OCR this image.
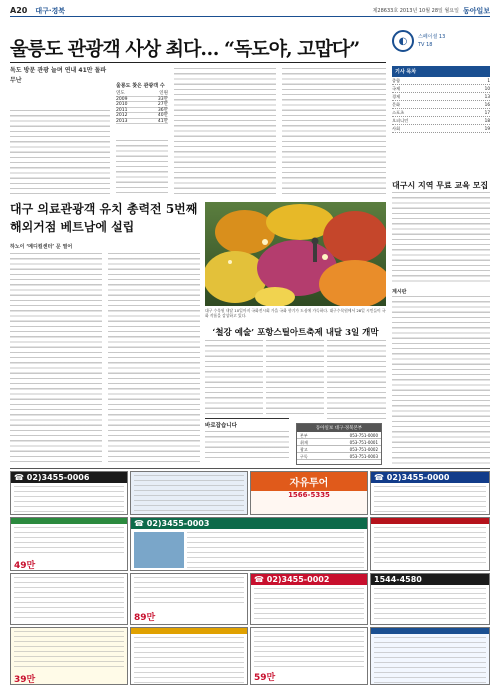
A20 대구·경북	제28633호 2013년 10월 28일 월요일 동아일보
울릉도 관광객 사상 최다… “독도야, 고맙다”
독도 방문 관광 늘며 연내 41만 돌파 무난
울릉도 찾은 관광객 수
연도	인원
2009	33만
2010	27만
2011	36만
2012	40만
2013	41만
◐	스페이셜 13
TV 18
기사 목차
종합	1
국제	10
경제	13
문화	16
스포츠	17
오피니언	18
사회	19
대구 의료관광객 유치 총력전 5번째 해외거점 베트남에 설립
하노이 ‘메디컬센터’ 문 열어
대구 수목원 내달 10일까지 국화전시회 가을 국화 향기가 도심에 가득하다. 대구수목원에서 28일 시민들이 국화 작품을 감상하고 있다.
‘철강 예술’ 포항스틸아트축제 내달 3일 개막
바로잡습니다	동아일보 대구·경북본부
본부	053-751-0000
취재	053-751-0001
광고	053-751-0002
구독	053-751-0003
대구시 지역 무료 교육 모집
계시판
☎ 02)3455-0006
자유투어
1566-5335
☎ 02)3455-0000
49만
☎ 02)3455-0003
89만
☎ 02)3455-0002	1544-4580
39만	59만
